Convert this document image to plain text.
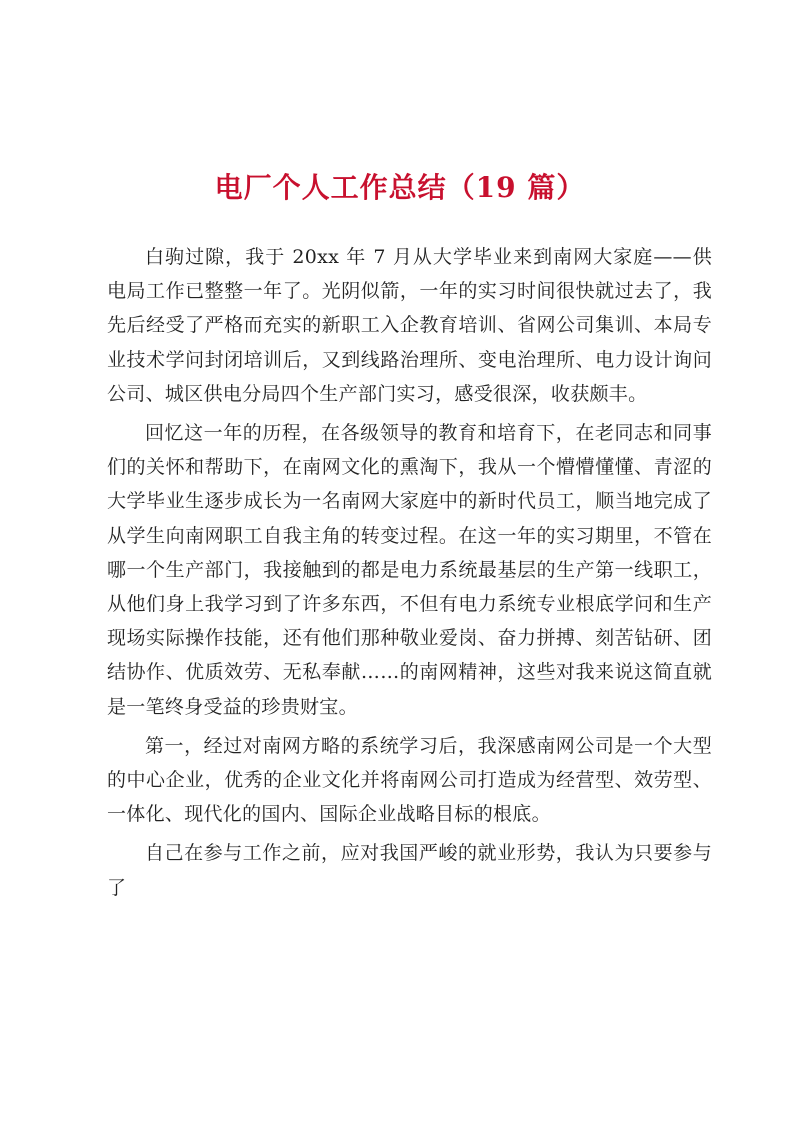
电厂个人工作总结（19 篇）

白驹过隙，我于 20xx 年 7 月从大学毕业来到南网大家庭——供电局工作已整整一年了。光阴似箭，一年的实习时间很快就过去了，我先后经受了严格而充实的新职工入企教育培训、省网公司集训、本局专业技术学问封闭培训后，又到线路治理所、变电治理所、电力设计询问公司、城区供电分局四个生产部门实习，感受很深，收获颇丰。

回忆这一年的历程，在各级领导的教育和培育下，在老同志和同事们的关怀和帮助下，在南网文化的熏淘下，我从一个懵懵懂懂、青涩的大学毕业生逐步成长为一名南网大家庭中的新时代员工，顺当地完成了从学生向南网职工自我主角的转变过程。在这一年的实习期里，不管在哪一个生产部门，我接触到的都是电力系统最基层的生产第一线职工，从他们身上我学习到了许多东西，不但有电力系统专业根底学问和生产现场实际操作技能，还有他们那种敬业爱岗、奋力拼搏、刻苦钻研、团结协作、优质效劳、无私奉献……的南网精神，这些对我来说这简直就是一笔终身受益的珍贵财宝。

第一，经过对南网方略的系统学习后，我深感南网公司是一个大型的中心企业，优秀的企业文化并将南网公司打造成为经营型、效劳型、一体化、现代化的国内、国际企业战略目标的根底。

自己在参与工作之前，应对我国严峻的就业形势，我认为只要参与了
